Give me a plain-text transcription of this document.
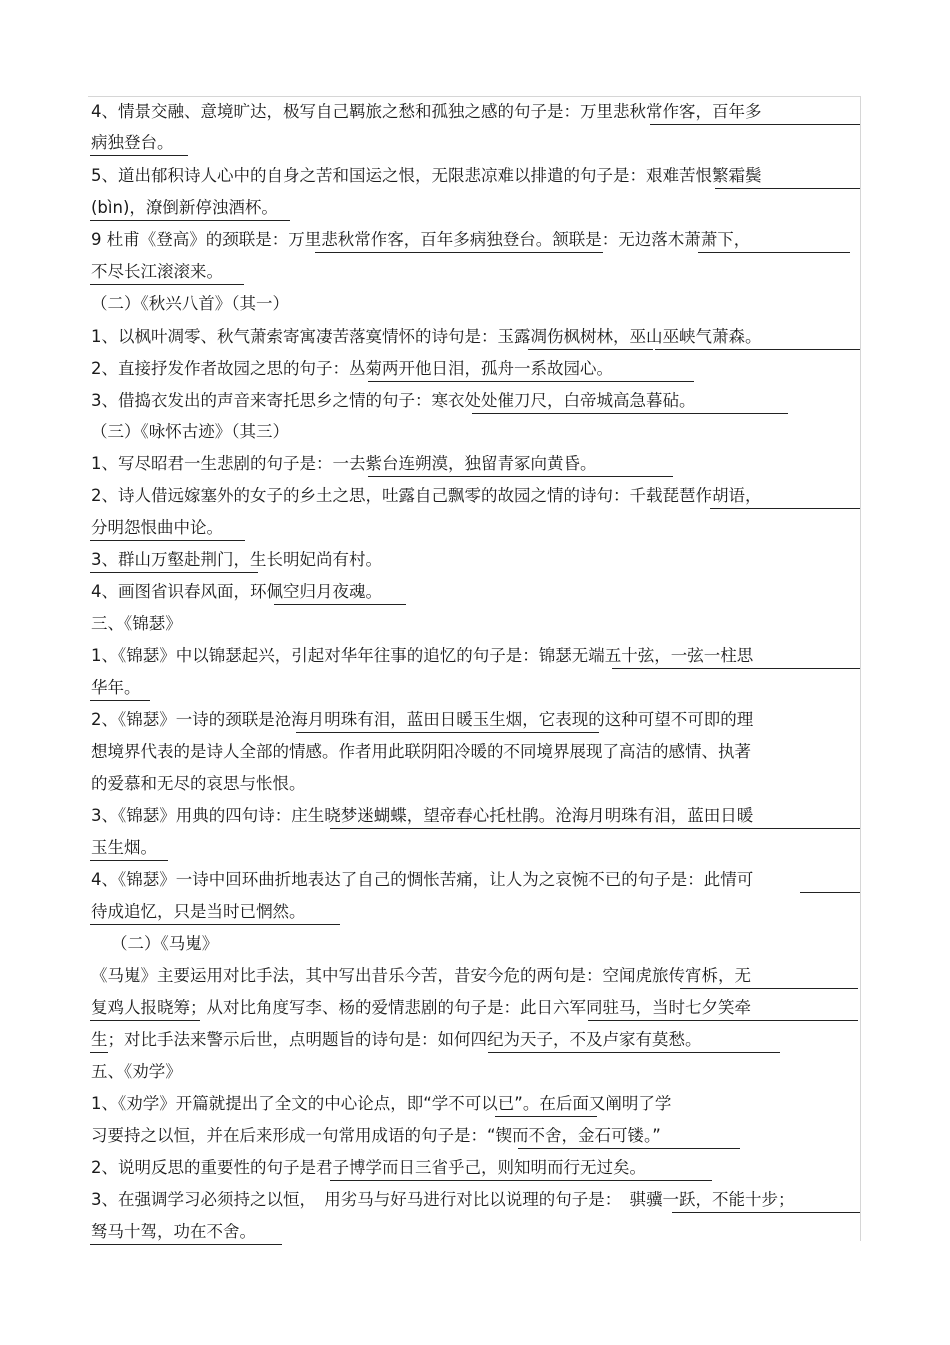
4、情景交融、意境旷达，极写自己羁旅之愁和孤独之感的句子是：万里悲秋常作客，百年多
病独登台。
5、道出郁积诗人心中的自身之苦和国运之恨，无限悲凉难以排遣的句子是：艰难苦恨繁霜鬓
(bìn)，潦倒新停浊酒杯。
9 杜甫《登高》的颈联是：万里悲秋常作客，百年多病独登台。颔联是：无边落木萧萧下，
不尽长江滚滚来。
（二）《秋兴八首》（其一）
1、以枫叶凋零、秋气萧索寄寓凄苦落寞情怀的诗句是：玉露凋伤枫树林，巫山巫峡气萧森。
2、直接抒发作者故园之思的句子：丛菊两开他日泪，孤舟一系故园心。
3、借捣衣发出的声音来寄托思乡之情的句子：寒衣处处催刀尺，白帝城高急暮砧。
（三）《咏怀古迹》（其三）
1、写尽昭君一生悲剧的句子是：一去紫台连朔漠，独留青冢向黄昏。
2、诗人借远嫁塞外的女子的乡土之思，吐露自己飘零的故园之情的诗句：千载琵琶作胡语，
分明怨恨曲中论。
3、群山万壑赴荆门，生长明妃尚有村。
4、画图省识春风面，环佩空归月夜魂。
三、《锦瑟》
1、《锦瑟》中以锦瑟起兴，引起对华年往事的追忆的句子是：锦瑟无端五十弦，一弦一柱思
华年。
2、《锦瑟》一诗的颈联是沧海月明珠有泪，蓝田日暖玉生烟，它表现的这种可望不可即的理
想境界代表的是诗人全部的情感。作者用此联阴阳冷暖的不同境界展现了高洁的感情、执著
的爱慕和无尽的哀思与怅恨。
3、《锦瑟》用典的四句诗：庄生晓梦迷蝴蝶，望帝春心托杜鹃。沧海月明珠有泪，蓝田日暖
玉生烟。
4、《锦瑟》一诗中回环曲折地表达了自己的惆怅苦痛，让人为之哀惋不已的句子是：此情可
待成追忆，只是当时已惘然。
（二）《马嵬》
《马嵬》主要运用对比手法，其中写出昔乐今苦，昔安今危的两句是：空闻虎旅传宵柝，无
复鸡人报晓筹；从对比角度写李、杨的爱情悲剧的句子是：此日六军同驻马，当时七夕笑牵
生；对比手法来警示后世，点明题旨的诗句是：如何四纪为天子，不及卢家有莫愁。
五、《劝学》
1、《劝学》开篇就提出了全文的中心论点，即“学不可以已”。在后面又阐明了学
习要持之以恒，并在后来形成一句常用成语的句子是：“锲而不舍，金石可镂。”
2、说明反思的重要性的句子是君子博学而日三省乎己，则知明而行无过矣。
3、在强调学习必须持之以恒，　用劣马与好马进行对比以说理的句子是：　骐骥一跃，不能十步；
驽马十驾，功在不舍。
